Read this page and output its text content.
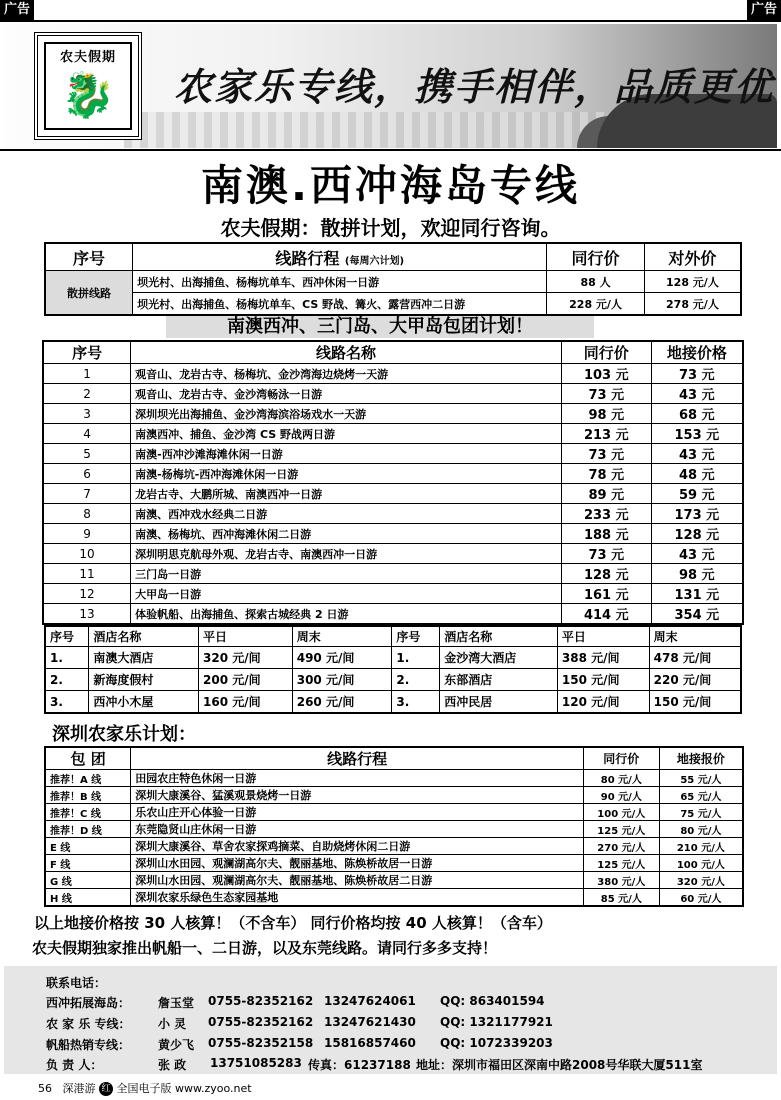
广告	广告
农夫假期
🐉	农家乐专线，携手相伴，品质更优
南澳.西冲海岛专线
农夫假期：散拼计划，欢迎同行咨询。
序号	线路行程 (每周六计划)	同行价	对外价
散拼线路	坝光村、出海捕鱼、杨梅坑单车、西冲休闲一日游	88 人	128 元/人
	坝光村、出海捕鱼、杨梅坑单车、CS 野战、篝火、露营西冲二日游	228 元/人	278 元/人
南澳西冲、三门岛、大甲岛包团计划！
序号	线路名称	同行价	地接价格
1	观音山、龙岩古寺、杨梅坑、金沙湾海边烧烤一天游	103 元	73 元
2	观音山、龙岩古寺、金沙湾畅泳一日游	73 元	43 元
3	深圳坝光出海捕鱼、金沙湾海滨浴场戏水一天游	98 元	68 元
4	南澳西冲、捕鱼、金沙湾 CS 野战两日游	213 元	153 元
5	南澳-西冲沙滩海滩休闲一日游	73 元	43 元
6	南澳-杨梅坑-西冲海滩休闲一日游	78 元	48 元
7	龙岩古寺、大鹏所城、南澳西冲一日游	89 元	59 元
8	南澳、西冲戏水经典二日游	233 元	173 元
9	南澳、杨梅坑、西冲海滩休闲二日游	188 元	128 元
10	深圳明思克航母外观、龙岩古寺、南澳西冲一日游	73 元	43 元
11	三门岛一日游	128 元	98 元
12	大甲岛一日游	161 元	131 元
13	体验帆船、出海捕鱼、探索古城经典 2 日游	414 元	354 元
序号	酒店名称	平日	周末	序号	酒店名称	平日	周末
1.	南澳大酒店	320 元/间	490 元/间	1.	金沙湾大酒店	388 元/间	478 元/间
2.	新海度假村	200 元/间	300 元/间	2.	东部酒店	150 元/间	220 元/间
3.	西冲小木屋	160 元/间	260 元/间	3.	西冲民居	120 元/间	150 元/间
深圳农家乐计划：
包 团	线路行程	同行价	地接报价
推荐！A 线	田园农庄特色休闲一日游	80 元/人	55 元/人
推荐！B 线	深圳大康溪谷、猛溪观景烧烤一日游	90 元/人	65 元/人
推荐！C 线	乐农山庄开心体验一日游	100 元/人	75 元/人
推荐！D 线	东莞隐贤山庄休闲一日游	125 元/人	80 元/人
E 线	深圳大康溪谷、草舍农家探鸡摘菜、自助烧烤休闲二日游	270 元/人	210 元/人
F 线	深圳山水田园、观澜湖高尔夫、靓丽基地、陈焕桥故居一日游	125 元/人	100 元/人
G 线	深圳山水田园、观澜湖高尔夫、靓丽基地、陈焕桥故居二日游	380 元/人	320 元/人
H 线	深圳农家乐绿色生态家园基地	85 元/人	60 元/人
以上地接价格按 30 人核算！（不含车） 同行价格均按 40 人核算！（含车）
农夫假期独家推出帆船一、二日游，以及东莞线路。请同行多多支持！
联系电话：
西冲拓展海岛： 詹玉堂 0755-82352162 13247624061 QQ: 863401594
农 家 乐 专线： 小 灵 0755-82352162 13247621430 QQ: 1321177921
帆船热销专线： 黄少飞 0755-82352158 15816857460 QQ: 1072339203
负 责 人：	张 政 13751085283 传真：61237188 地址：深圳市福田区深南中路2008号华联大厦511室
56 深港游 红 全国电子版 www.zyoo.net
